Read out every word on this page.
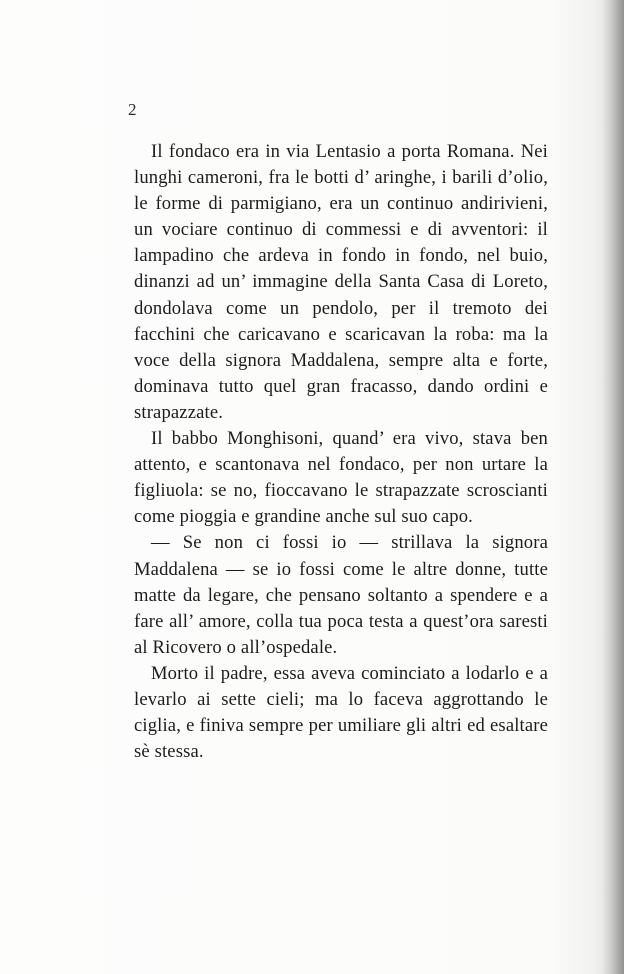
2

Il fondaco era in via Lentasio a porta Romana. Nei lunghi cameroni, fra le botti d’ aringhe, i barili d’olio, le forme di parmigiano, era un continuo andirivieni, un vociare continuo di commessi e di avventori: il lampadino che ardeva in fondo in fondo, nel buio, dinanzi ad un’ immagine della Santa Casa di Loreto, dondolava come un pendolo, per il tremoto dei facchini che caricavano e scaricavan la roba: ma la voce della signora Maddalena, sempre alta e forte, dominava tutto quel gran fracasso, dando ordini e strapazzate.

Il babbo Monghisoni, quand’ era vivo, stava ben attento, e scantonava nel fondaco, per non urtare la figliuola: se no, fioccavano le strapazzate scroscianti come pioggia e grandine anche sul suo capo.

— Se non ci fossi io — strillava la signora Maddalena — se io fossi come le altre donne, tutte matte da legare, che pensano soltanto a spendere e a fare all’ amore, colla tua poca testa a quest’ora saresti al Ricovero o all’ospedale.

Morto il padre, essa aveva cominciato a lodarlo e a levarlo ai sette cieli; ma lo faceva aggrottando le ciglia, e finiva sempre per umiliare gli altri ed esaltare sè stessa.
